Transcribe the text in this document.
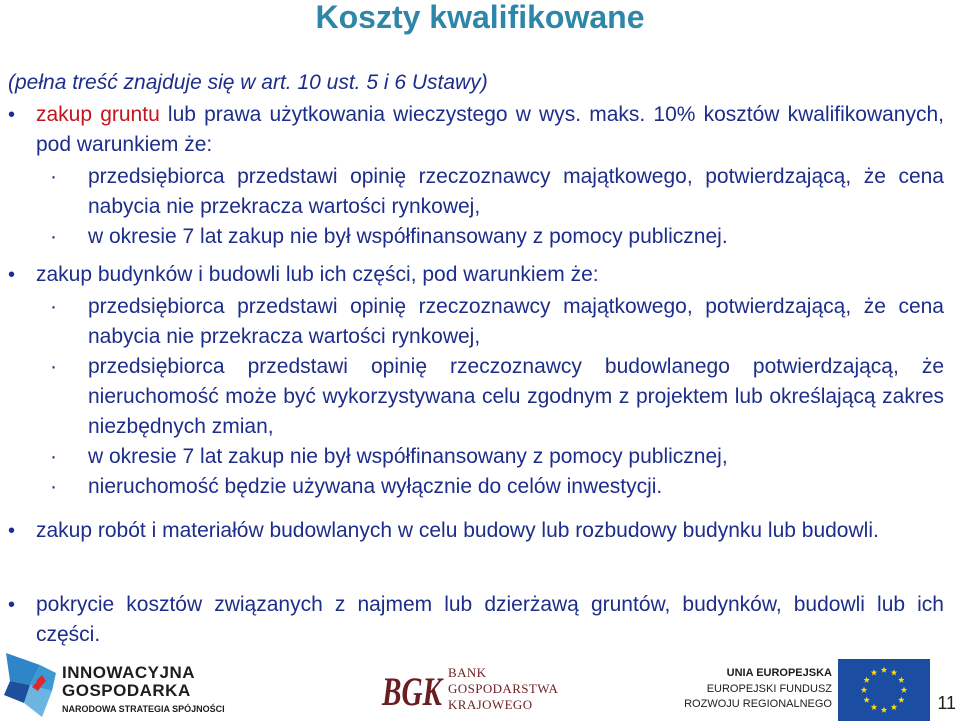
Koszty kwalifikowane
(pełna treść znajduje się w art. 10 ust. 5 i 6 Ustawy)
• zakup gruntu lub prawa użytkowania wieczystego w wys. maks. 10% kosztów kwalifikowanych, pod warunkiem że:
·	przedsiębiorca przedstawi opinię rzeczoznawcy majątkowego, potwierdzającą, że cena nabycia nie przekracza wartości rynkowej,
·	w okresie 7 lat zakup nie był współfinansowany z pomocy publicznej.
• zakup budynków i budowli lub ich części, pod warunkiem że:
·	przedsiębiorca przedstawi opinię rzeczoznawcy majątkowego, potwierdzającą, że cena nabycia nie przekracza wartości rynkowej,
·	przedsiębiorca przedstawi opinię rzeczoznawcy budowlanego potwierdzającą, że nieruchomość może być wykorzystywana celu zgodnym z projektem lub określającą zakres niezbędnych zmian,
·	w okresie 7 lat zakup nie był współfinansowany z pomocy publicznej,
·	nieruchomość będzie używana wyłącznie do celów inwestycji.
• zakup robót i materiałów budowlanych w celu budowy lub rozbudowy budynku lub budowli.
• pokrycie kosztów związanych z najmem lub dzierżawą gruntów, budynków, budowli lub ich części.
INNOWACYJNA
GOSPODARKA
NARODOWA STRATEGIA SPÓJNOŚCI	BGK BANK
GOSPODARSTWA
KRAJOWEGO
UNIA EUROPEJSKA
EUROPEJSKI FUNDUSZ
ROZWOJU REGIONALNEGO	11
